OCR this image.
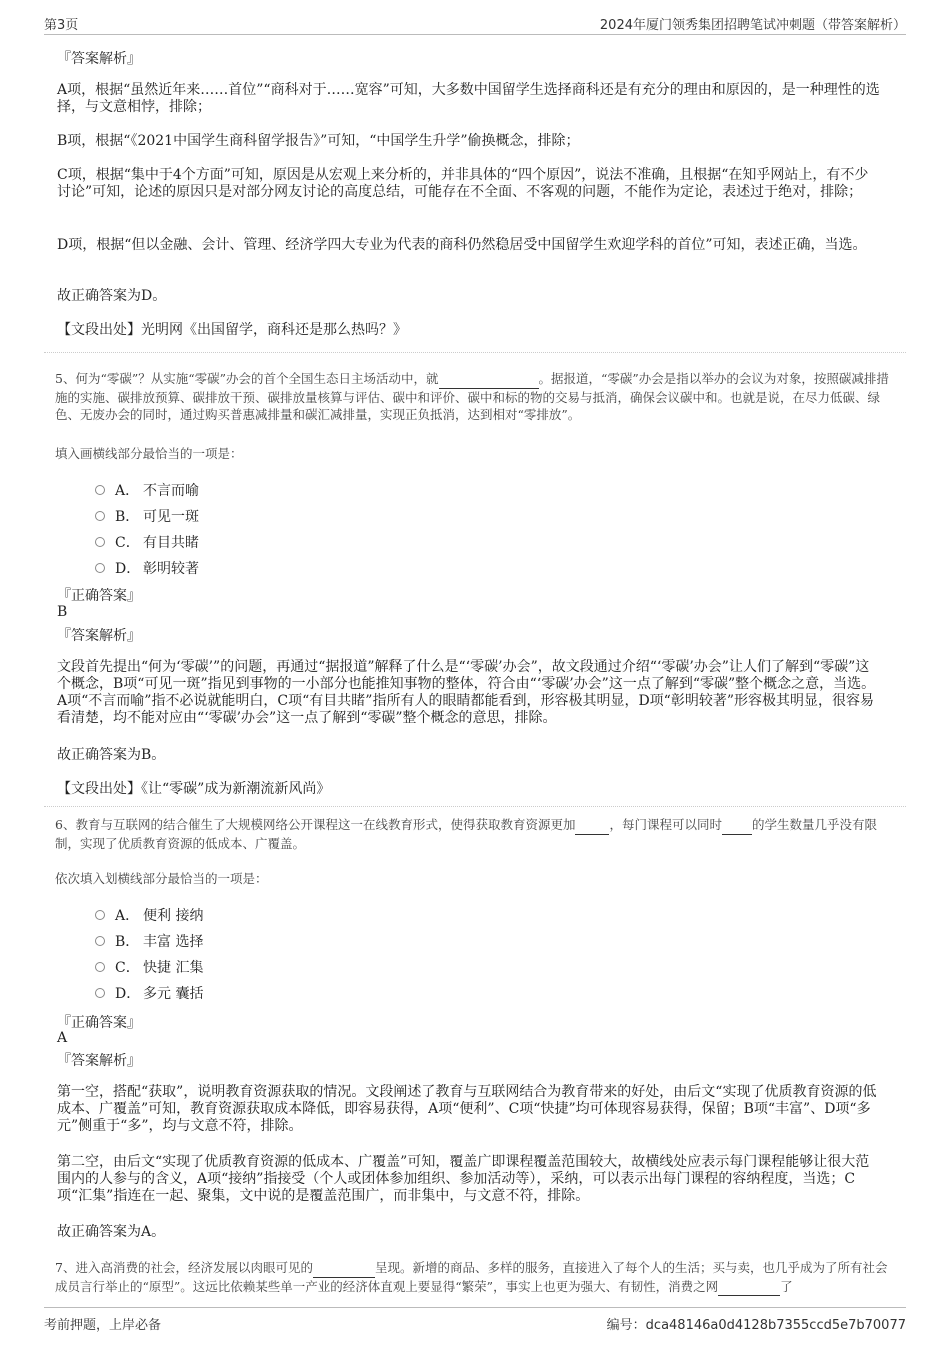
第3页	2024年厦门领秀集团招聘笔试冲刺题（带答案解析）
『答案解析』
A项，根据“虽然近年来……首位”“商科对于……宽容”可知，大多数中国留学生选择商科还是有充分的理由和原因的，是一种理性的选择，与文意相悖，排除；
B项，根据“《2021中国学生商科留学报告》”可知，“中国学生升学”偷换概念，排除；
C项，根据“集中于4个方面”可知，原因是从宏观上来分析的，并非具体的“四个原因”，说法不准确，且根据“在知乎网站上，有不少讨论”可知，论述的原因只是对部分网友讨论的高度总结，可能存在不全面、不客观的问题，不能作为定论，表述过于绝对，排除；
D项，根据“但以金融、会计、管理、经济学四大专业为代表的商科仍然稳居受中国留学生欢迎学科的首位”可知，表述正确，当选。
故正确答案为D。
【文段出处】光明网《出国留学，商科还是那么热吗？》
5、何为“零碳”？从实施“零碳”办会的首个全国生态日主场活动中，就	。据报道，“零碳”办会是指以举办的会议为对象，按照碳减排措施的实施、碳排放预算、碳排放干预、碳排放量核算与评估、碳中和评价、碳中和标的物的交易与抵消，确保会议碳中和。也就是说，在尽力低碳、绿色、无废办会的同时，通过购买普惠减排量和碳汇减排量，实现正负抵消，达到相对“零排放”。
填入画横线部分最恰当的一项是：
A． 不言而喻
B． 可见一斑
C． 有目共睹
D． 彰明较著
『正确答案』
B
『答案解析』
文段首先提出“何为‘零碳’”的问题，再通过“据报道”解释了什么是“‘零碳’办会”，故文段通过介绍“‘零碳’办会”让人们了解到“零碳”这个概念，B项“可见一斑”指见到事物的一小部分也能推知事物的整体，符合由“‘零碳’办会”这一点了解到“零碳”整个概念之意，当选。A项“不言而喻”指不必说就能明白，C项“有目共睹”指所有人的眼睛都能看到，形容极其明显，D项“彰明较著”形容极其明显，很容易看清楚，均不能对应由“‘零碳’办会”这一点了解到“零碳”整个概念的意思，排除。
故正确答案为B。
【文段出处】《让“零碳”成为新潮流新风尚》
6、教育与互联网的结合催生了大规模网络公开课程这一在线教育形式，使得获取教育资源更加	，每门课程可以同时 的学生数量几乎没有限制，实现了优质教育资源的低成本、广覆盖。
依次填入划横线部分最恰当的一项是：
A． 便利 接纳
B． 丰富 选择
C． 快捷 汇集
D． 多元 囊括
『正确答案』
A
『答案解析』
第一空，搭配“获取”，说明教育资源获取的情况。文段阐述了教育与互联网结合为教育带来的好处，由后文“实现了优质教育资源的低成本、广覆盖”可知，教育资源获取成本降低，即容易获得，A项“便利”、C项“快捷”均可体现容易获得，保留；B项“丰富”、D项“多元”侧重于“多”，均与文意不符，排除。
第二空，由后文“实现了优质教育资源的低成本、广覆盖”可知，覆盖广即课程覆盖范围较大，故横线处应表示每门课程能够让很大范围内的人参与的含义，A项“接纳”指接受（个人或团体参加组织、参加活动等），采纳，可以表示出每门课程的容纳程度，当选；C项“汇集”指连在一起、聚集，文中说的是覆盖范围广，而非集中，与文意不符，排除。
故正确答案为A。
7、进入高消费的社会，经济发展以肉眼可见的	呈现。新增的商品、多样的服务，直接进入了每个人的生活；买与卖，也几乎成为了所有社会成员言行举止的“原型”。这远比依赖某些单一产业的经济体直观上要显得“繁荣”，事实上也更为强大、有韧性，消费之网	了
考前押题，上岸必备	编号：dca48146a0d4128b7355ccd5e7b70077
